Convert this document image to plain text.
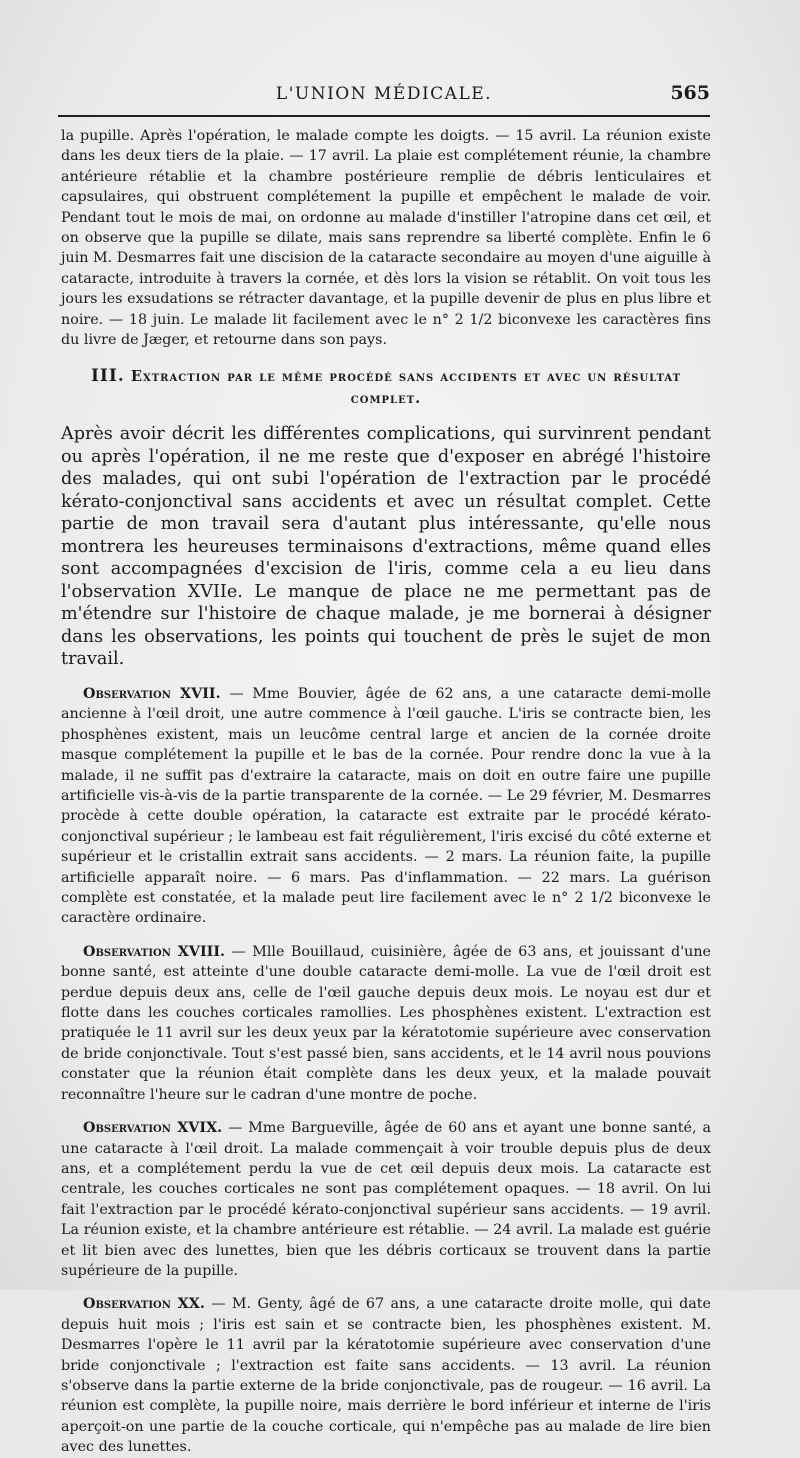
L'UNION MÉDICALE.	565

la pupille. Après l'opération, le malade compte les doigts. — 15 avril. La réunion existe dans les deux tiers de la plaie. — 17 avril. La plaie est complétement réunie, la chambre antérieure rétablie et la chambre postérieure remplie de débris lenticulaires et capsulaires, qui obstruent complétement la pupille et empêchent le malade de voir. Pendant tout le mois de mai, on ordonne au malade d'instiller l'atropine dans cet œil, et on observe que la pupille se dilate, mais sans reprendre sa liberté complète. Enfin le 6 juin M. Desmarres fait une discision de la cataracte secondaire au moyen d'une aiguille à cataracte, introduite à travers la cornée, et dès lors la vision se rétablit. On voit tous les jours les exsudations se rétracter davantage, et la pupille devenir de plus en plus libre et noire. — 18 juin. Le malade lit facilement avec le n° 2 1/2 biconvexe les caractères fins du livre de Jæger, et retourne dans son pays.

III. Extraction par le même procédé sans accidents et avec un résultat
complet.

Après avoir décrit les différentes complications, qui survinrent pendant ou après l'opération, il ne me reste que d'exposer en abrégé l'histoire des malades, qui ont subi l'opération de l'extraction par le procédé kérato-conjonctival sans accidents et avec un résultat complet. Cette partie de mon travail sera d'autant plus intéressante, qu'elle nous montrera les heureuses terminaisons d'extractions, même quand elles sont accompagnées d'excision de l'iris, comme cela a eu lieu dans l'observation XVIIe. Le manque de place ne me permettant pas de m'étendre sur l'histoire de chaque malade, je me bornerai à désigner dans les observations, les points qui touchent de près le sujet de mon travail.

Observation XVII. — Mme Bouvier, âgée de 62 ans, a une cataracte demi-molle ancienne à l'œil droit, une autre commence à l'œil gauche. L'iris se contracte bien, les phosphènes existent, mais un leucôme central large et ancien de la cornée droite masque complétement la pupille et le bas de la cornée. Pour rendre donc la vue à la malade, il ne suffit pas d'extraire la cataracte, mais on doit en outre faire une pupille artificielle vis-à-vis de la partie transparente de la cornée. — Le 29 février, M. Desmarres procède à cette double opération, la cataracte est extraite par le procédé kérato-conjonctival supérieur ; le lambeau est fait régulièrement, l'iris excisé du côté externe et supérieur et le cristallin extrait sans accidents. — 2 mars. La réunion faite, la pupille artificielle apparaît noire. — 6 mars. Pas d'inflammation. — 22 mars. La guérison complète est constatée, et la malade peut lire facilement avec le n° 2 1/2 biconvexe le caractère ordinaire.

Observation XVIII. — Mlle Bouillaud, cuisinière, âgée de 63 ans, et jouissant d'une bonne santé, est atteinte d'une double cataracte demi-molle. La vue de l'œil droit est perdue depuis deux ans, celle de l'œil gauche depuis deux mois. Le noyau est dur et flotte dans les couches corticales ramollies. Les phosphènes existent. L'extraction est pratiquée le 11 avril sur les deux yeux par la kératotomie supérieure avec conservation de bride conjonctivale. Tout s'est passé bien, sans accidents, et le 14 avril nous pouvions constater que la réunion était complète dans les deux yeux, et la malade pouvait reconnaître l'heure sur le cadran d'une montre de poche.

Observation XVIX. — Mme Bargueville, âgée de 60 ans et ayant une bonne santé, a une cataracte à l'œil droit. La malade commençait à voir trouble depuis plus de deux ans, et a complétement perdu la vue de cet œil depuis deux mois. La cataracte est centrale, les couches corticales ne sont pas complétement opaques. — 18 avril. On lui fait l'extraction par le procédé kérato-conjonctival supérieur sans accidents. — 19 avril. La réunion existe, et la chambre antérieure est rétablie. — 24 avril. La malade est guérie et lit bien avec des lunettes, bien que les débris corticaux se trouvent dans la partie supérieure de la pupille.

Observation XX. — M. Genty, âgé de 67 ans, a une cataracte droite molle, qui date depuis huit mois ; l'iris est sain et se contracte bien, les phosphènes existent. M. Desmarres l'opère le 11 avril par la kératotomie supérieure avec conservation d'une bride conjonctivale ; l'extraction est faite sans accidents. — 13 avril. La réunion s'observe dans la partie externe de la bride conjonctivale, pas de rougeur. — 16 avril. La réunion est complète, la pupille noire, mais derrière le bord inférieur et interne de l'iris aperçoit-on une partie de la couche corticale, qui n'empêche pas au malade de lire bien avec des lunettes.
